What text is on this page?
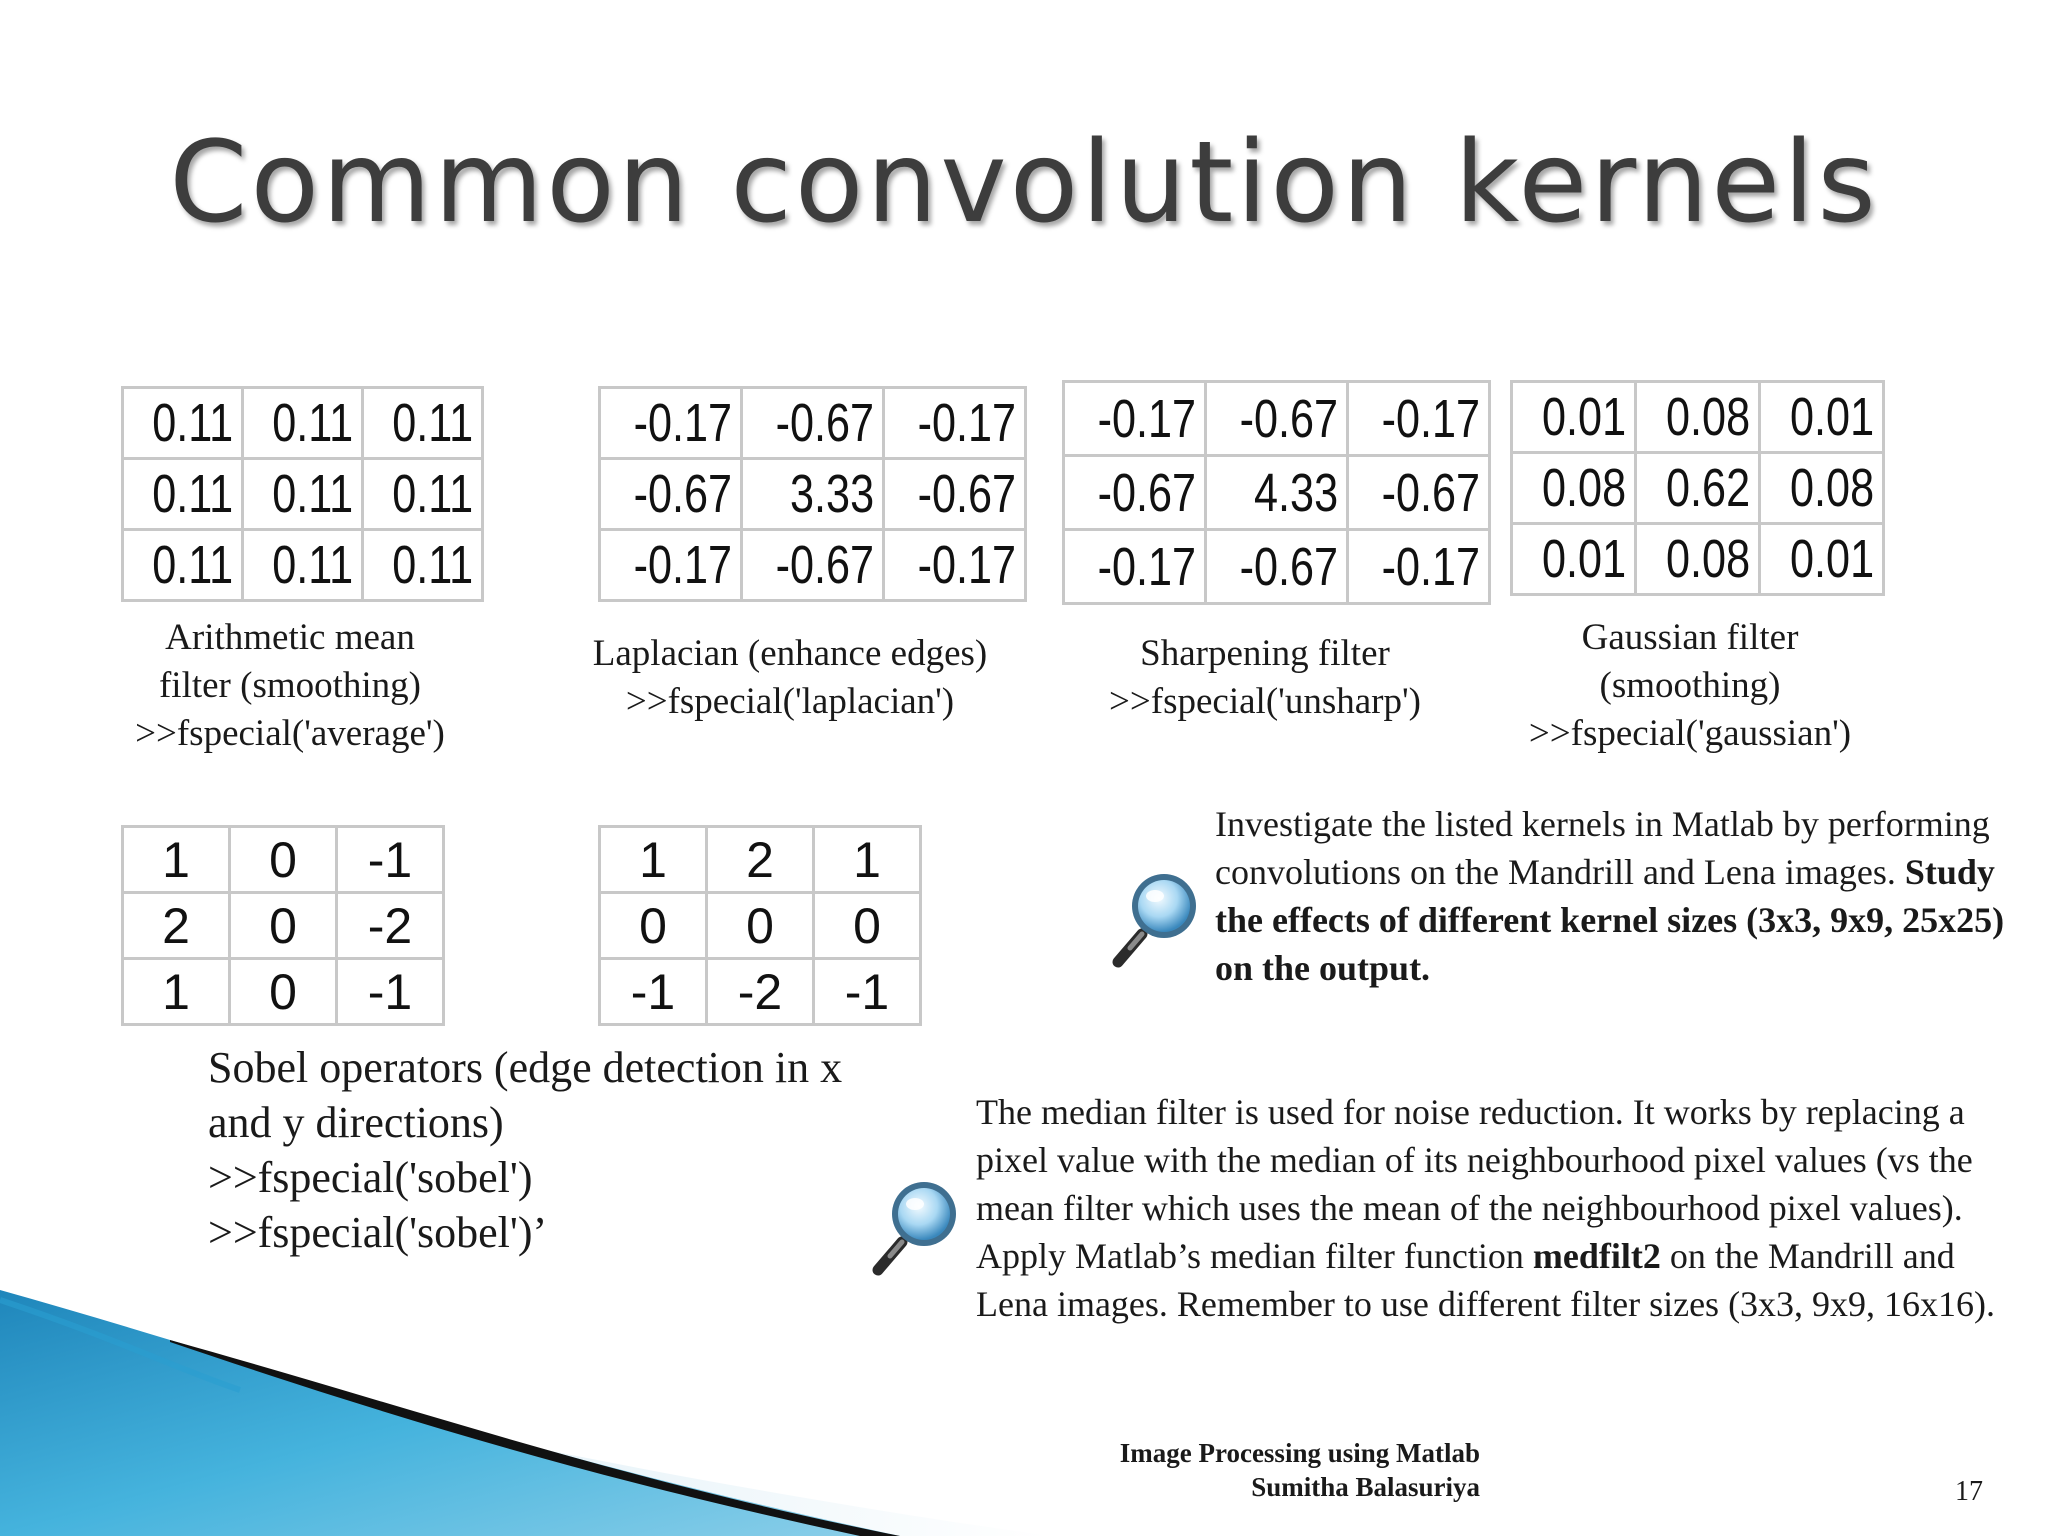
Common convolution kernels
0.11	0.11	0.11
0.11	0.11	0.11
0.11	0.11	0.11
Arithmetic mean
filter (smoothing)
>>fspecial('average')
-0.17	-0.67	-0.17
-0.67	3.33	-0.67
-0.17	-0.67	-0.17
Laplacian (enhance edges)
>>fspecial('laplacian')
-0.17	-0.67	-0.17
-0.67	4.33	-0.67
-0.17	-0.67	-0.17
Sharpening filter
>>fspecial('unsharp')
0.01	0.08	0.01
0.08	0.62	0.08
0.01	0.08	0.01
Gaussian filter
(smoothing)
>>fspecial('gaussian')
1	0	-1
2	0	-2
1	0	-1
1	2	1
0	0	0
-1	-2	-1
Sobel operators (edge detection in x
and y directions)
>>fspecial('sobel')
>>fspecial('sobel')’
Investigate the listed kernels in Matlab by performing convolutions on the Mandrill and Lena images. Study the effects of different kernel sizes (3x3, 9x9, 25x25) on the output.
The median filter is used for noise reduction. It works by replacing a pixel value with the median of its neighbourhood pixel values (vs the mean filter which uses the mean of the neighbourhood pixel values). Apply Matlab’s median filter function medfilt2 on the Mandrill and Lena images. Remember to use different filter sizes (3x3, 9x9, 16x16).
Image Processing using Matlab
Sumitha Balasuriya	17
